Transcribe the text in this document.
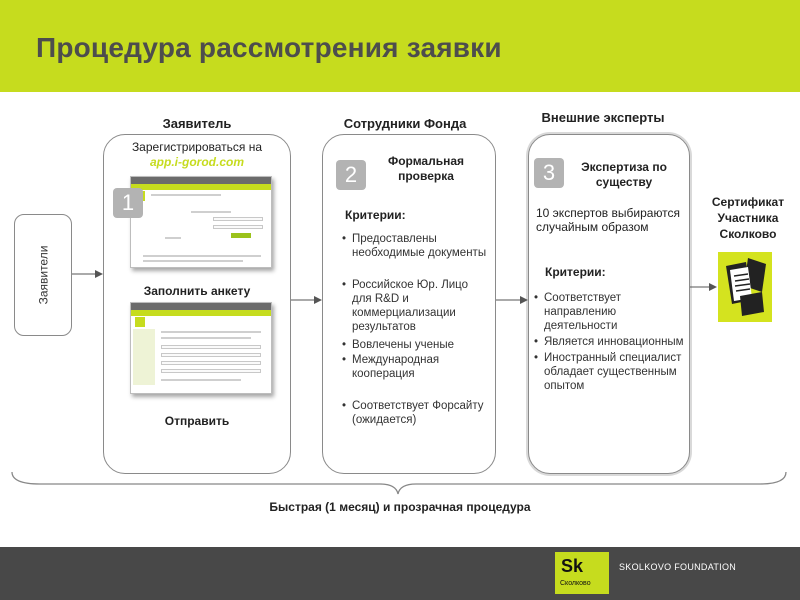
Процедура рассмотрения заявки
Заявитель	Сотрудники Фонда	Внешние эксперты
Заявители
Зарегистрироваться на
app.i-gorod.com
1
Заполнить анкету
Отправить
2
Формальная проверка
Критерии:
• Предоставлены необходимые документы
• Российское Юр. Лицо для R&D и коммерциализации результатов
• Вовлечены ученые
• Международная кооперация
• Соответствует Форсайту (ожидается)
3	Экспертиза по существу
10 экспертов выбираются случайным образом
Критерии:
• Соответствует направлению деятельности
• Является инновационным
• Иностранный специалист обладает существенным опытом
Сертификат Участника Сколково
Быстрая (1 месяц) и прозрачная процедура
Sk
Сколково
SKOLKOVO FOUNDATION
